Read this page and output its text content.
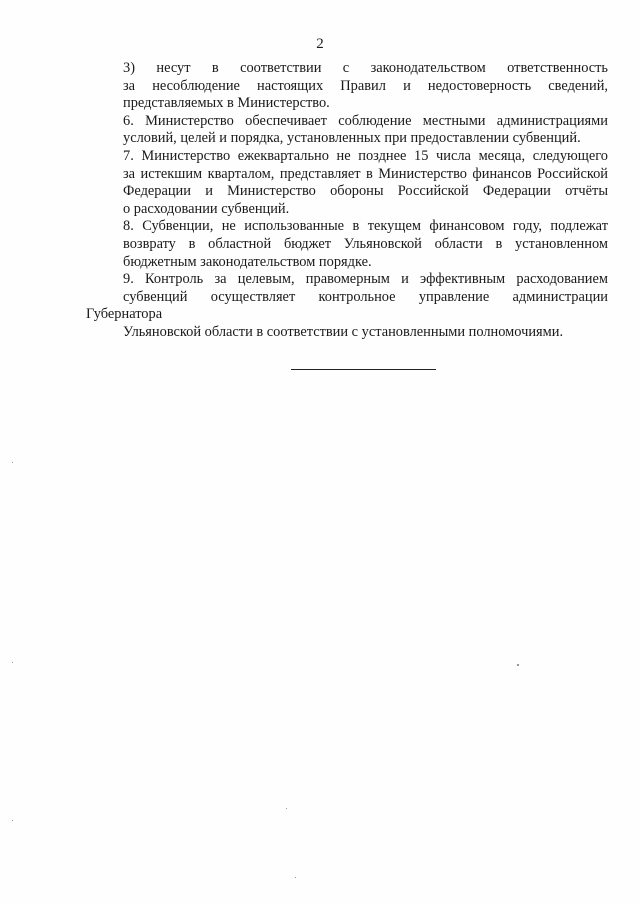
2

3) несут в соответствии с законодательством ответственность
за несоблюдение настоящих Правил и недостоверность сведений,
представляемых в Министерство.

6. Министерство обеспечивает соблюдение местными администрациями
условий, целей и порядка, установленных при предоставлении субвенций.

7. Министерство ежеквартально не позднее 15 числа месяца, следующего
за истекшим кварталом, представляет в Министерство финансов Российской
Федерации и Министерство обороны Российской Федерации отчёты
о расходовании субвенций.

8. Субвенции, не использованные в текущем финансовом году, подлежат
возврату в областной бюджет Ульяновской области в установленном
бюджетным законодательством порядке.

9. Контроль за целевым, правомерным и эффективным расходованием
субвенций осуществляет контрольное управление администрации Губернатора
Ульяновской области в соответствии с установленными полномочиями.
